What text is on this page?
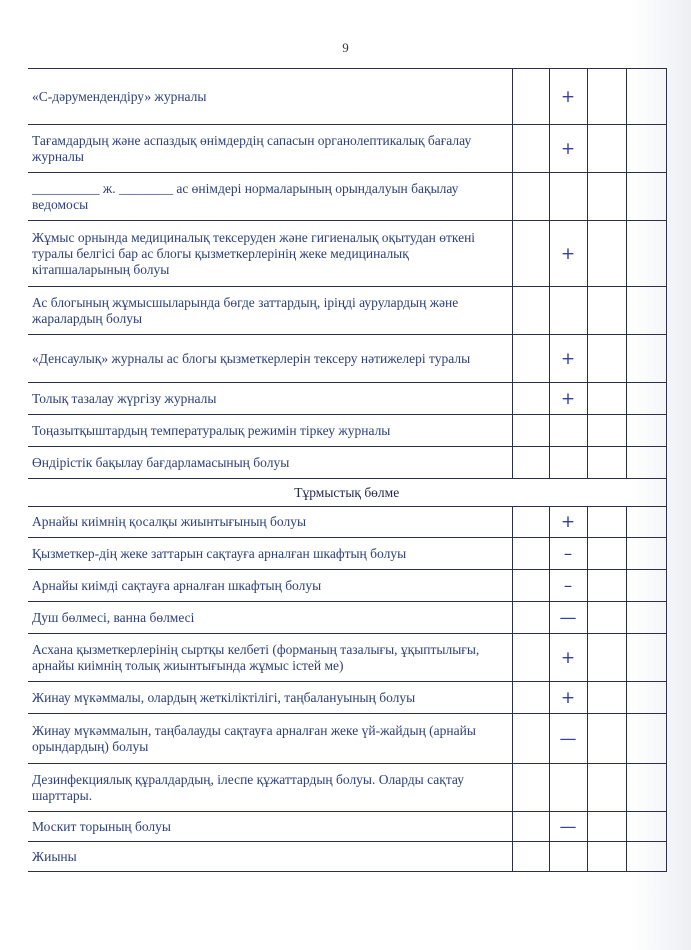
9
«С-дәрумендендіру» журналы		+		
Тағамдардың және аспаздық өнімдердің сапасын органолептикалық бағалау журналы		+		
__________ ж. ________ ас өнімдері нормаларының орындалуын бақылау ведомосы				
Жұмыс орнында медициналық тексеруден және гигиеналық оқытудан өткені туралы белгісі бар ас блогы қызметкерлерінің жеке медициналық кітапшаларының болуы		+		
Ас блогының жұмысшыларында бөгде заттардың, іріңді аурулардың және жаралардың болуы				
«Денсаулық» журналы ас блогы қызметкерлерін тексеру нәтижелері туралы		+		
Толық тазалау жүргізу журналы		+		
Тоңазытқыштардың температуралық режимін тіркеу журналы				
Өндірістік бақылау бағдарламасының болуы				
Тұрмыстық бөлме				
Арнайы киімнің қосалқы жиынтығының болуы		+		
Қызметкер-дің жеке заттарын сақтауға арналған шкафтың болуы		–		
Арнайы киімді сақтауға арналған шкафтың болуы		–		
Душ бөлмесі, ванна бөлмесі		—		
Асхана қызметкерлерінің сыртқы келбеті (форманың тазалығы, ұқыптылығы, арнайы киімнің толық жиынтығында жұмыс істей ме)		+		
Жинау мүкәммалы, олардың жеткіліктілігі, таңбалануының болуы		+		
Жинау мүкәммалын, таңбалауды сақтауға арналған жеке үй-жайдың (арнайы орындардың) болуы		—		
Дезинфекциялық құралдардың, ілеспе құжаттардың болуы. Оларды сақтау шарттары.				
Москит торының болуы		—		
Жиыны				
